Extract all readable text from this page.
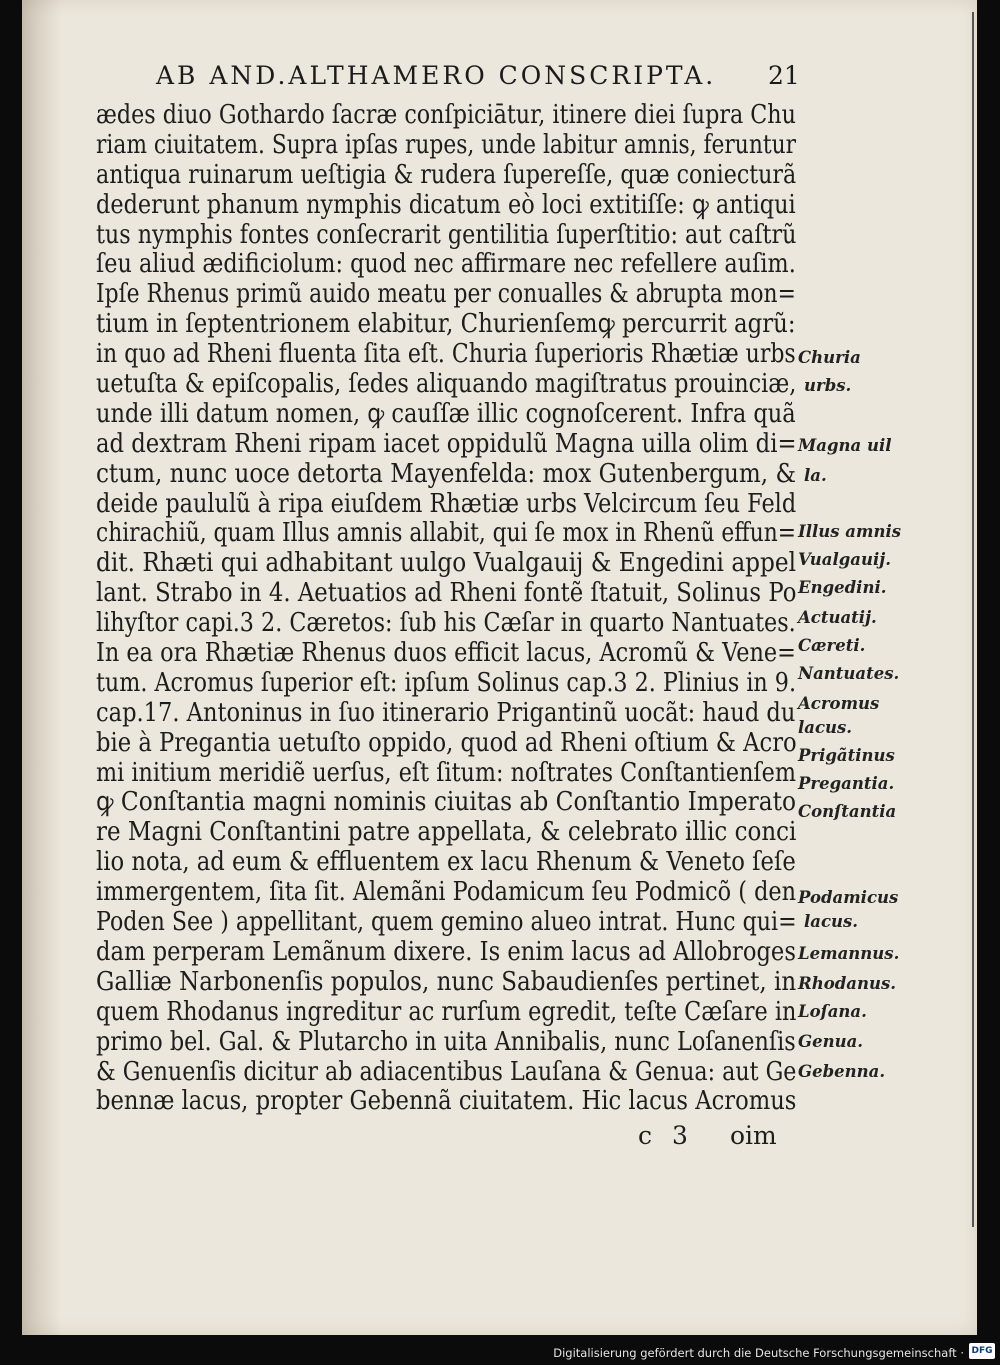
AB AND.ALTHAMERO CONSCRIPTA. 21
ædes diuo Gothardo ſacræ conſpiciātur, itinere diei ſupra Chu
riam ciuitatem. Supra ipſas rupes, unde labitur amnis, feruntur
antiqua ruinarum ueſtigia & rudera ſupereſſe, quæ coniecturã
dederunt phanum nymphis dicatum eò loci extitiſſe: ꝙ antiqui
tus nymphis fontes conſecrarit gentilitia ſuperſtitio: aut caſtrũ
ſeu aliud ædificiolum: quod nec affirmare nec refellere auſim.
Ipſe Rhenus primũ auido meatu per conualles & abrupta mon=
tium in ſeptentrionem elabitur, Churienſemꝙ percurrit agrũ:
in quo ad Rheni fluenta ſita eſt. Churia ſuperioris Rhætiæ urbs
uetuſta & epiſcopalis, ſedes aliquando magiſtratus prouinciæ,
unde illi datum nomen, ꝙ cauſſæ illic cognoſcerent. Infra quã
ad dextram Rheni ripam iacet oppidulũ Magna uilla olim di=
ctum, nunc uoce detorta Mayenfelda: mox Gutenbergum, &
deide paululũ à ripa eiuſdem Rhætiæ urbs Velcircum ſeu Feld
chirachiũ, quam Illus amnis allabit, qui ſe mox in Rhenũ effun=
dit. Rhæti qui adhabitant uulgo Vualgauij & Engedini appel
lant. Strabo in 4. Aetuatios ad Rheni fontẽ ſtatuit, Solinus Po
lihyſtor capi.3 2. Cæretos: ſub his Cæſar in quarto Nantuates.
In ea ora Rhætiæ Rhenus duos efficit lacus, Acromũ & Vene=
tum. Acromus ſuperior eſt: ipſum Solinus cap.3 2. Plinius in 9.
cap.17. Antoninus in ſuo itinerario Prigantinũ uocãt: haud du
bie à Pregantia uetuſto oppido, quod ad Rheni oſtium & Acro
mi initium meridiẽ uerſus, eſt ſitum: noſtrates Conſtantienſem
ꝙ Conſtantia magni nominis ciuitas ab Conſtantio Imperato
re Magni Conſtantini patre appellata, & celebrato illic conci
lio nota, ad eum & effluentem ex lacu Rhenum & Veneto ſeſe
immergentem, ſita ſit. Alemãni Podamicum ſeu Podmicõ ( den
Poden See ) appellitant, quem gemino alueo intrat. Hunc qui=
dam perperam Lemãnum dixere. Is enim lacus ad Allobroges
Galliæ Narbonenſis populos, nunc Sabaudienſes pertinet, in
quem Rhodanus ingreditur ac rurſum egredit, teſte Cæſare in
primo bel. Gal. & Plutarcho in uita Annibalis, nunc Loſanenſis
& Genuenſis dicitur ab adiacentibus Lauſana & Genua: aut Ge
bennæ lacus, propter Gebennã ciuitatem. Hic lacus Acromus
Churia
urbs.
Magna uil
la.
Illus amnis
Vualgauij.
Engedini.
Actuatij.
Cæreti.
Nantuates.
Acromus
lacus.
Prigãtinus
Pregantia.
Conſtantia
Podamicus
lacus.
Lemannus.
Rhodanus.
Loſana.
Genua.
Gebenna.
c 3 oim
Digitalisierung gefördert durch die Deutsche Forschungsgemeinschaft · DFG
